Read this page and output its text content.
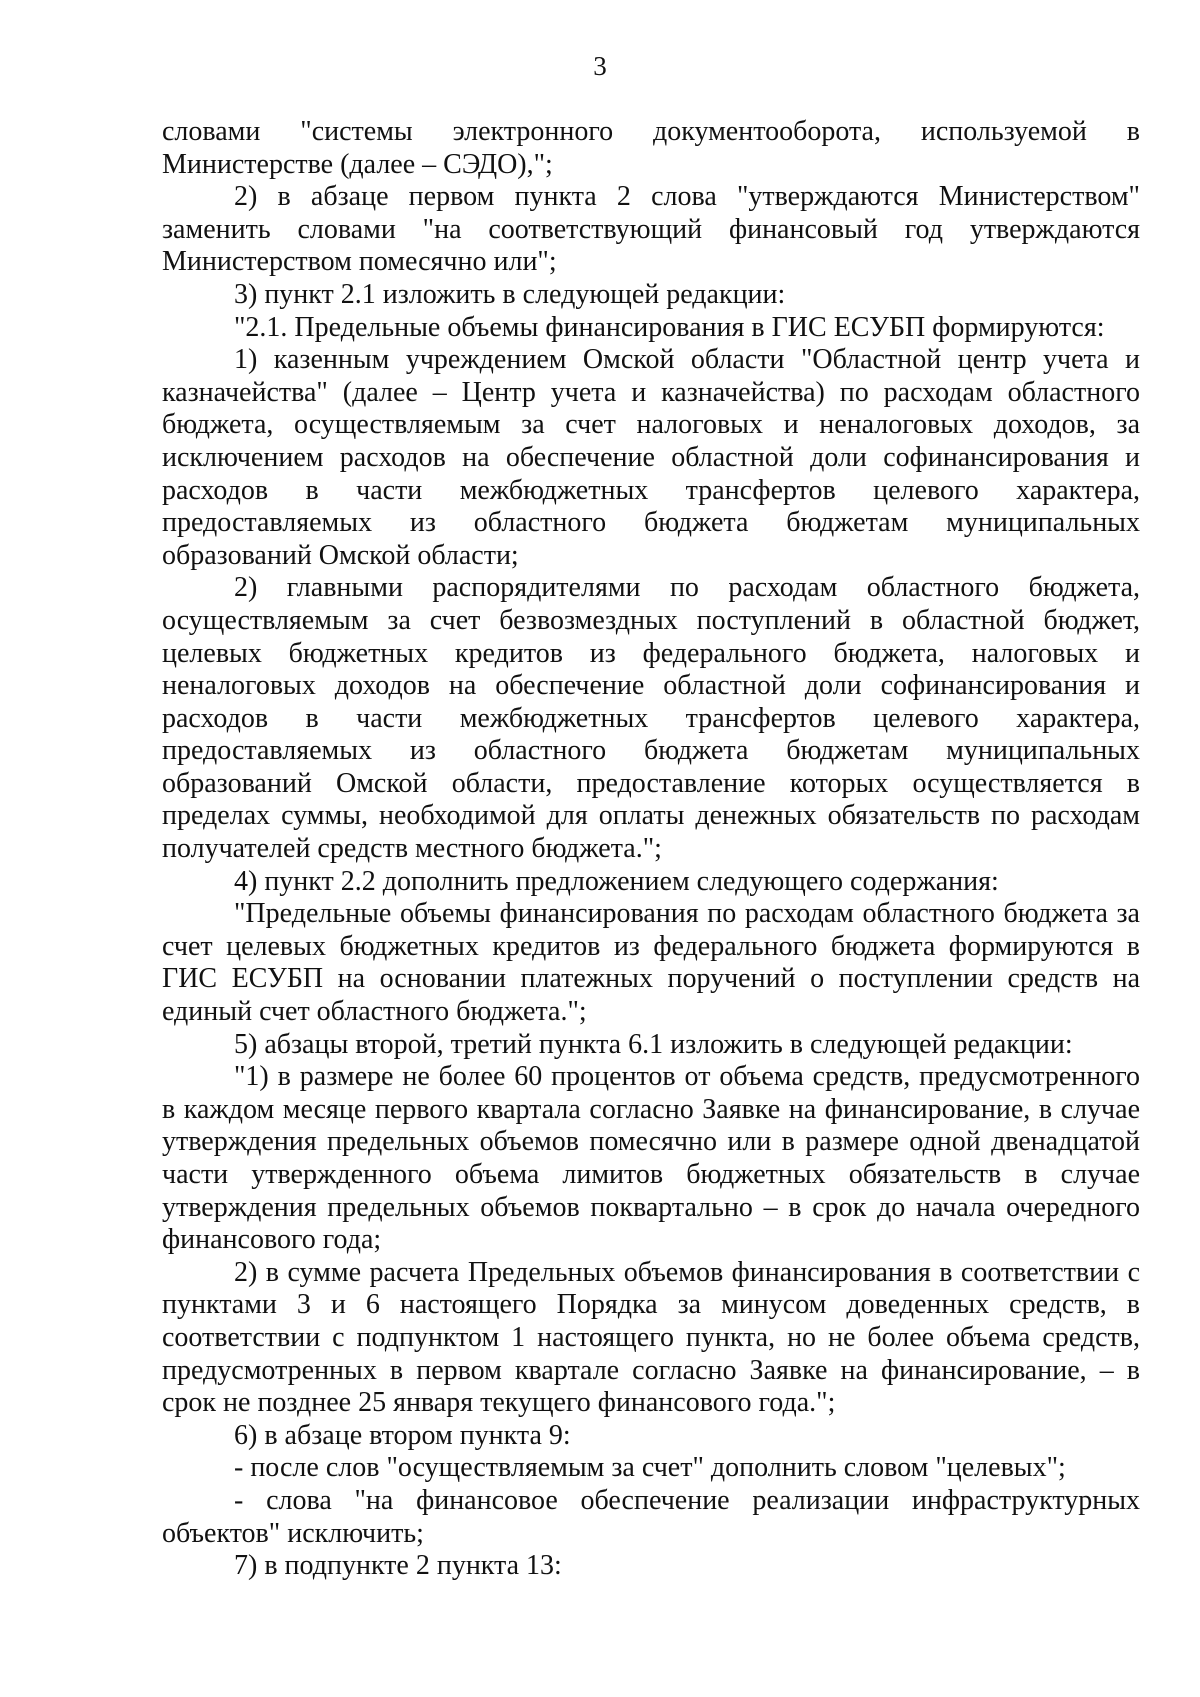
3

словами "системы электронного документооборота, используемой в Министерстве (далее – СЭДО),";

2) в абзаце первом пункта 2 слова "утверждаются Министерством" заменить словами "на соответствующий финансовый год утверждаются Министерством помесячно или";

3) пункт 2.1 изложить в следующей редакции:

"2.1. Предельные объемы финансирования в ГИС ЕСУБП формируются:

1) казенным учреждением Омской области "Областной центр учета и казначейства" (далее – Центр учета и казначейства) по расходам областного бюджета, осуществляемым за счет налоговых и неналоговых доходов, за исключением расходов на обеспечение областной доли софинансирования и расходов в части межбюджетных трансфертов целевого характера, предоставляемых из областного бюджета бюджетам муниципальных образований Омской области;

2) главными распорядителями по расходам областного бюджета, осуществляемым за счет безвозмездных поступлений в областной бюджет, целевых бюджетных кредитов из федерального бюджета, налоговых и неналоговых доходов на обеспечение областной доли софинансирования и расходов в части межбюджетных трансфертов целевого характера, предоставляемых из областного бюджета бюджетам муниципальных образований Омской области, предоставление которых осуществляется в пределах суммы, необходимой для оплаты денежных обязательств по расходам получателей средств местного бюджета.";

4) пункт 2.2 дополнить предложением следующего содержания:

"Предельные объемы финансирования по расходам областного бюджета за счет целевых бюджетных кредитов из федерального бюджета формируются в ГИС ЕСУБП на основании платежных поручений о поступлении средств на единый счет областного бюджета.";

5) абзацы второй, третий пункта 6.1 изложить в следующей редакции:

"1) в размере не более 60 процентов от объема средств, предусмотренного в каждом месяце первого квартала согласно Заявке на финансирование, в случае утверждения предельных объемов помесячно или в размере одной двенадцатой части утвержденного объема лимитов бюджетных обязательств в случае утверждения предельных объемов поквартально – в срок до начала очередного финансового года;

2) в сумме расчета Предельных объемов финансирования в соответствии с пунктами 3 и 6 настоящего Порядка за минусом доведенных средств, в соответствии с подпунктом 1 настоящего пункта, но не более объема средств, предусмотренных в первом квартале согласно Заявке на финансирование, – в срок не позднее 25 января текущего финансового года.";

6) в абзаце втором пункта 9:

- после слов "осуществляемым за счет" дополнить словом "целевых";

- слова "на финансовое обеспечение реализации инфраструктурных объектов" исключить;

7) в подпункте 2 пункта 13:
